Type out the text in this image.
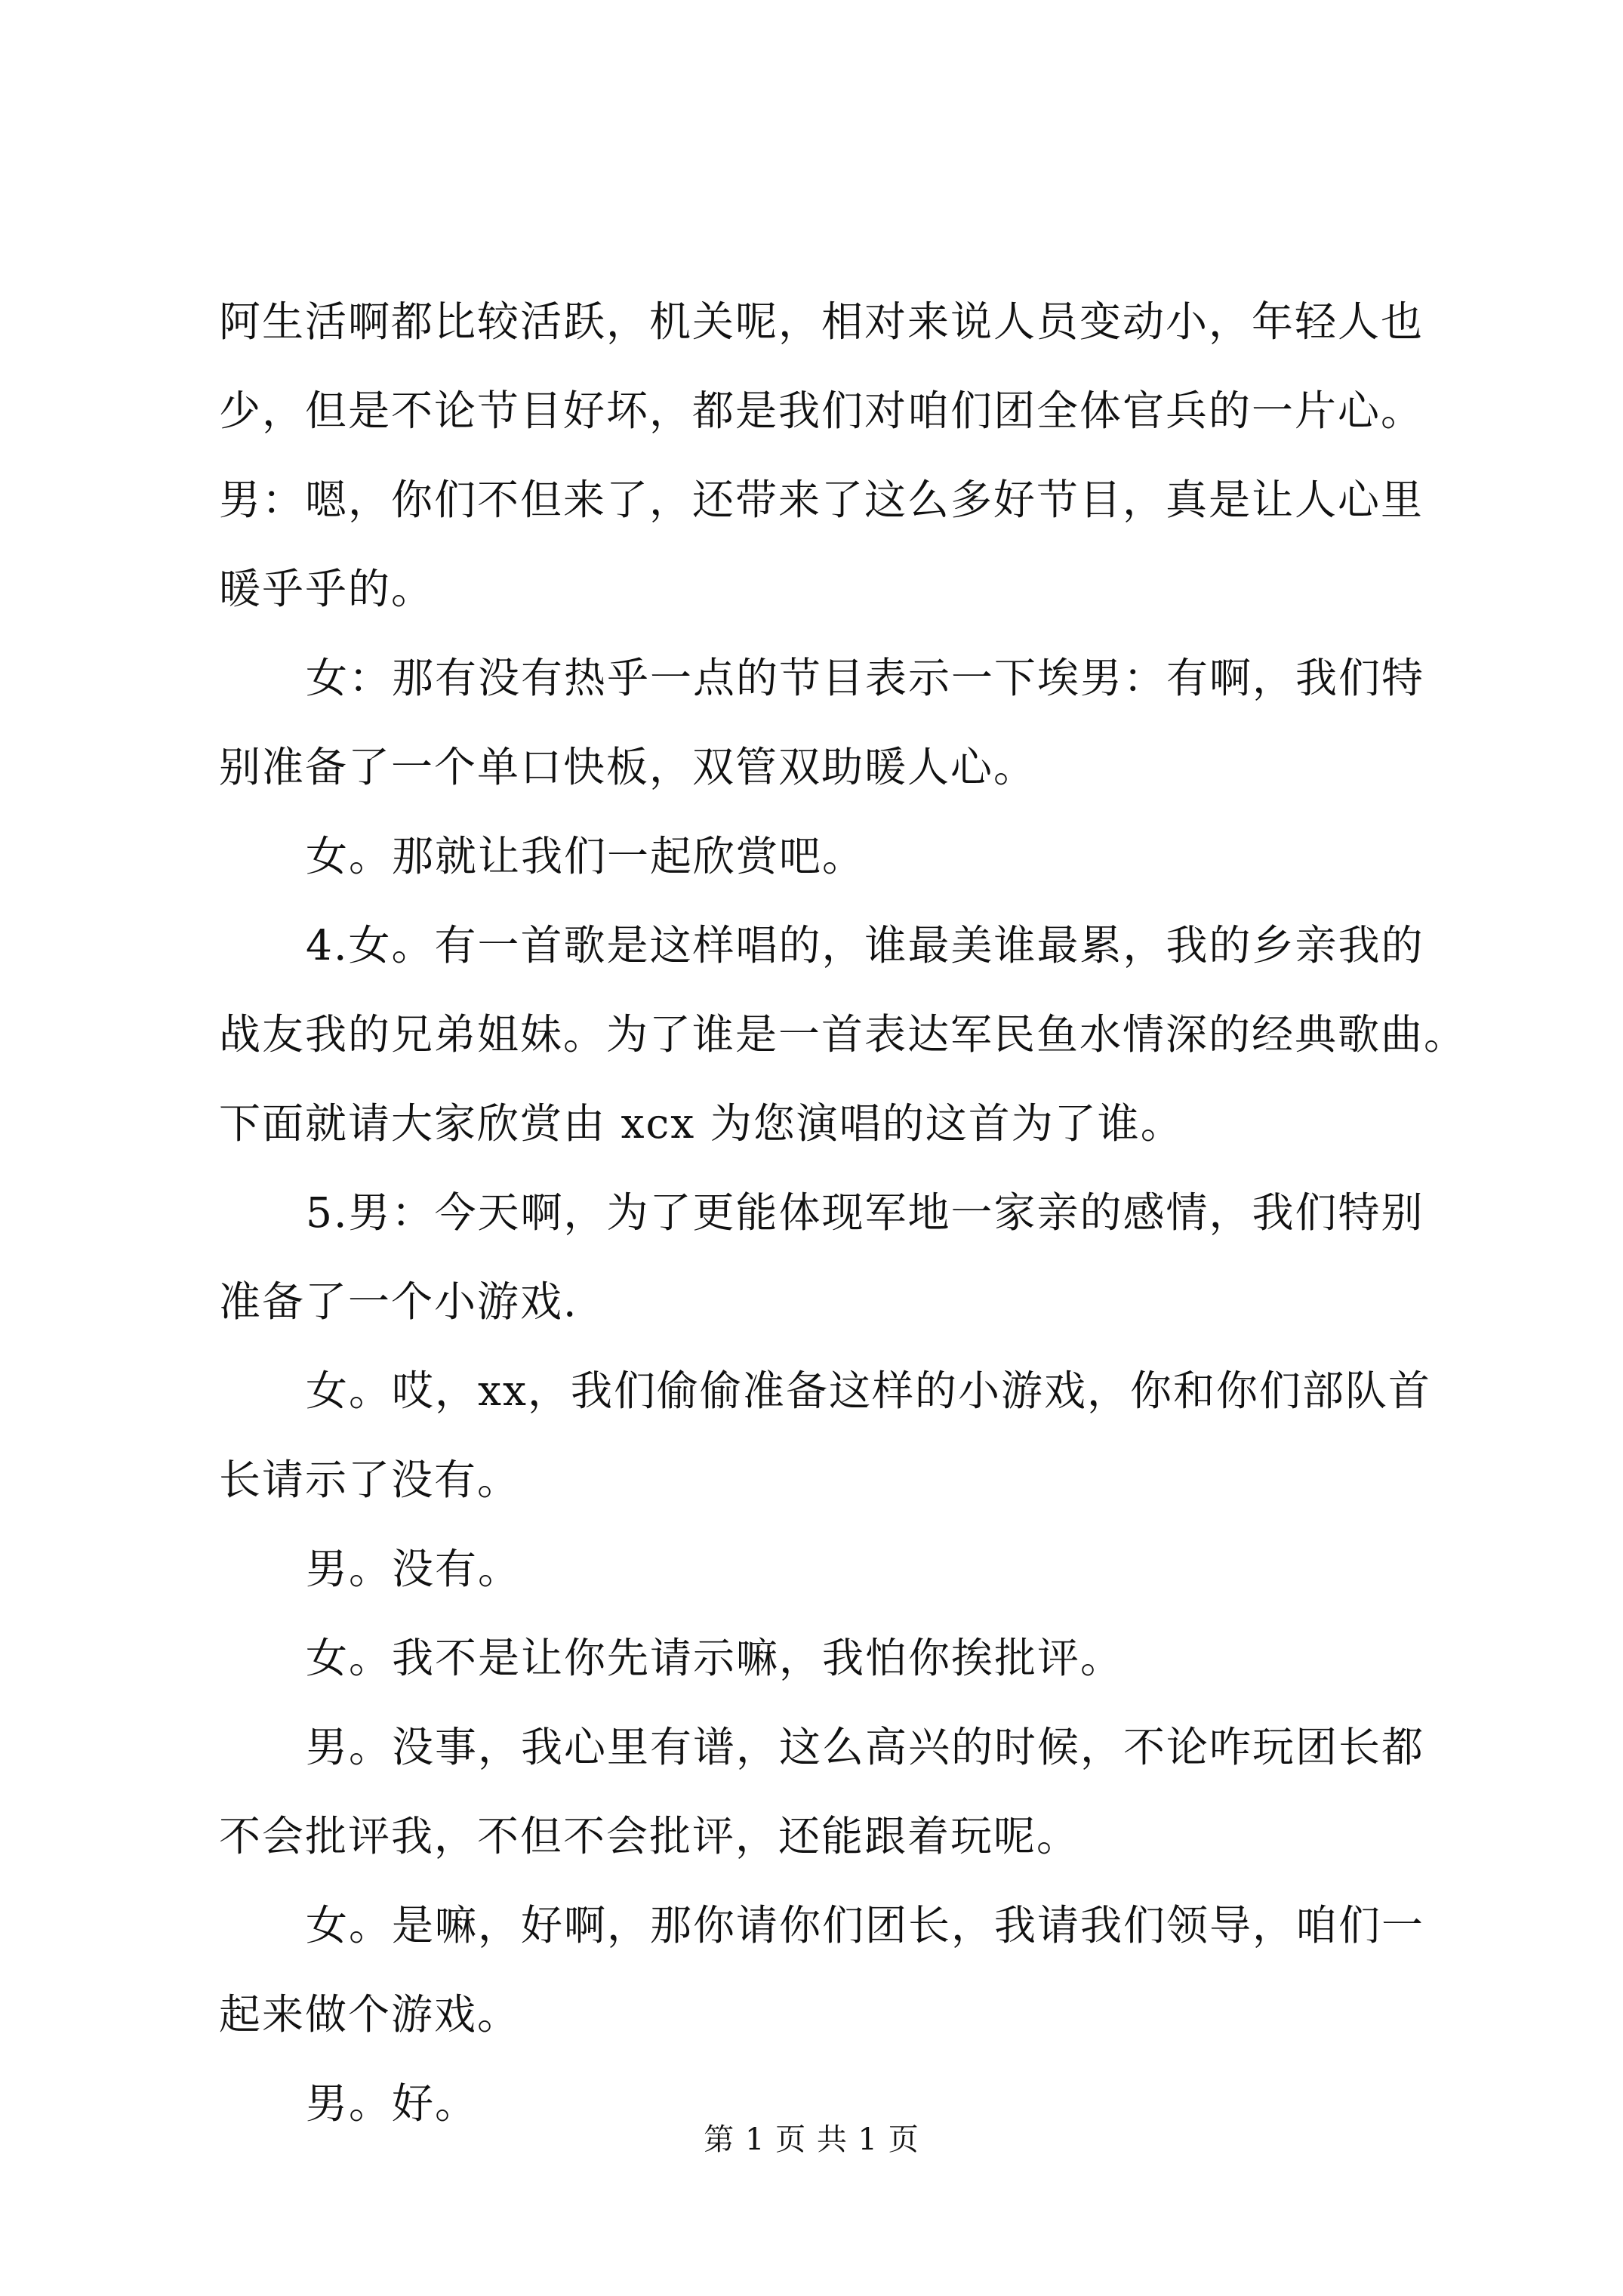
阿生活啊都比较活跃，机关呢，相对来说人员变动小，年轻人也
少，但是不论节目好坏，都是我们对咱们团全体官兵的一片心。
男：嗯，你们不但来了，还带来了这么多好节目，真是让人心里
暖乎乎的。
女：那有没有热乎一点的节目表示一下埃男：有啊，我们特
别准备了一个单口快板，双管双助暖人心。
女。那就让我们一起欣赏吧。
4.女。有一首歌是这样唱的，谁最美谁最累，我的乡亲我的
战友我的兄弟姐妹。为了谁是一首表达军民鱼水情深的经典歌曲。
下面就请大家欣赏由 xcx 为您演唱的这首为了谁。
5.男：今天啊，为了更能体现军地一家亲的感情，我们特别
准备了一个小游戏.
女。哎，xx，我们偷偷准备这样的小游戏，你和你们部队首
长请示了没有。
男。没有。
女。我不是让你先请示嘛，我怕你挨批评。
男。没事，我心里有谱，这么高兴的时候，不论咋玩团长都
不会批评我，不但不会批评，还能跟着玩呢。
女。是嘛，好啊，那你请你们团长，我请我们领导，咱们一
起来做个游戏。
男。好。
第 1 页 共 1 页
